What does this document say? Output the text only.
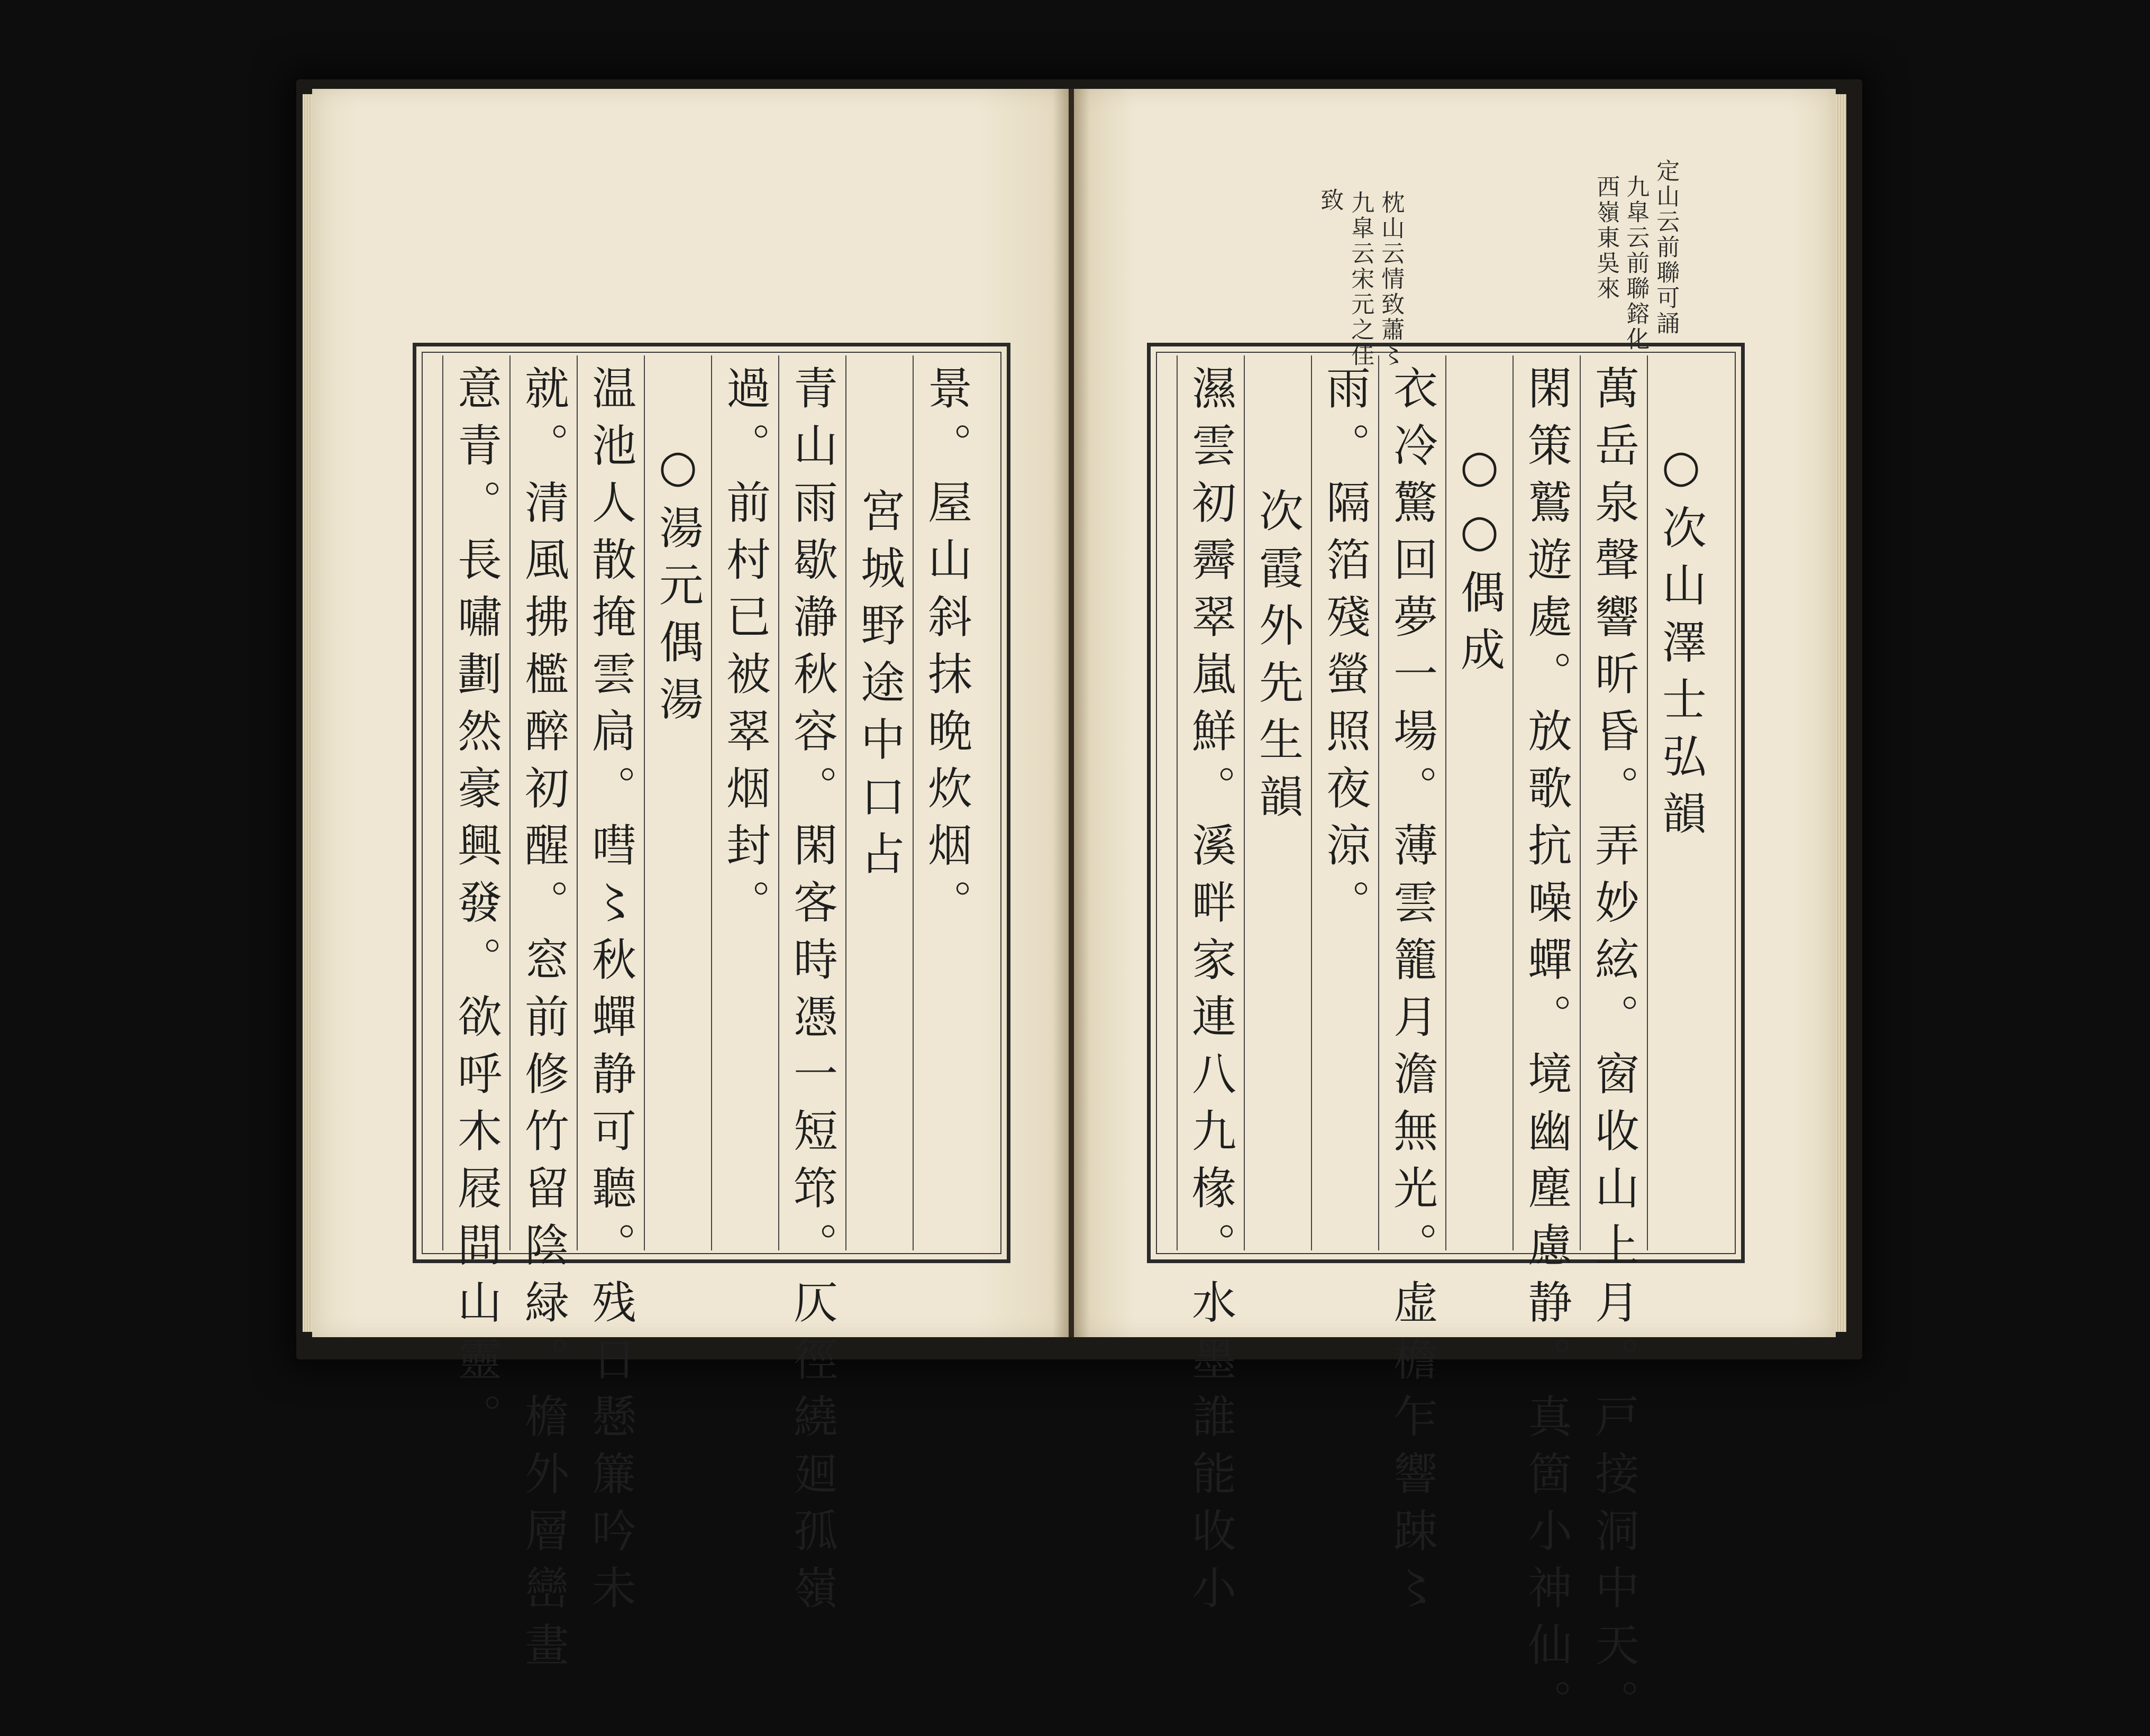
景。屋山斜抹晩炊烟。
宮城野途中口占
青山雨歇瀞秋容。閑客時憑一短筇。仄徑繞廻孤嶺
過。前村已被翠烟封。
○湯元偶湯
温池人散掩雲扃。嘒〻秋蟬静可聽。残日懸簾吟未
就。清風拂檻醉初醒。窓前修竹留陰緑。檐外層巒畫
意青。長嘯劃然豪興發。欲呼木屐問山靈。	○次山澤士弘韻
萬岳泉聲響昕昏。弄妙絃。窗收山上月。戸接洞中天。
閑策鷲遊處。放歌抗噪蟬。境幽塵慮静。真箇小神仙。
○○偶成
衣冷驚回夢一場。薄雲籠月澹無光。虚檐乍響踈〻
雨。隔箔殘螢照夜涼。
次霞外先生韻
濕雲初霽翠嵐鮮。溪畔家連八九椽。水墨誰能收小
定山云前聯可誦
九皐云前聯鎔化
西嶺東吳來
枕山云情致蕭〻
九皐云宋元之佳
致
